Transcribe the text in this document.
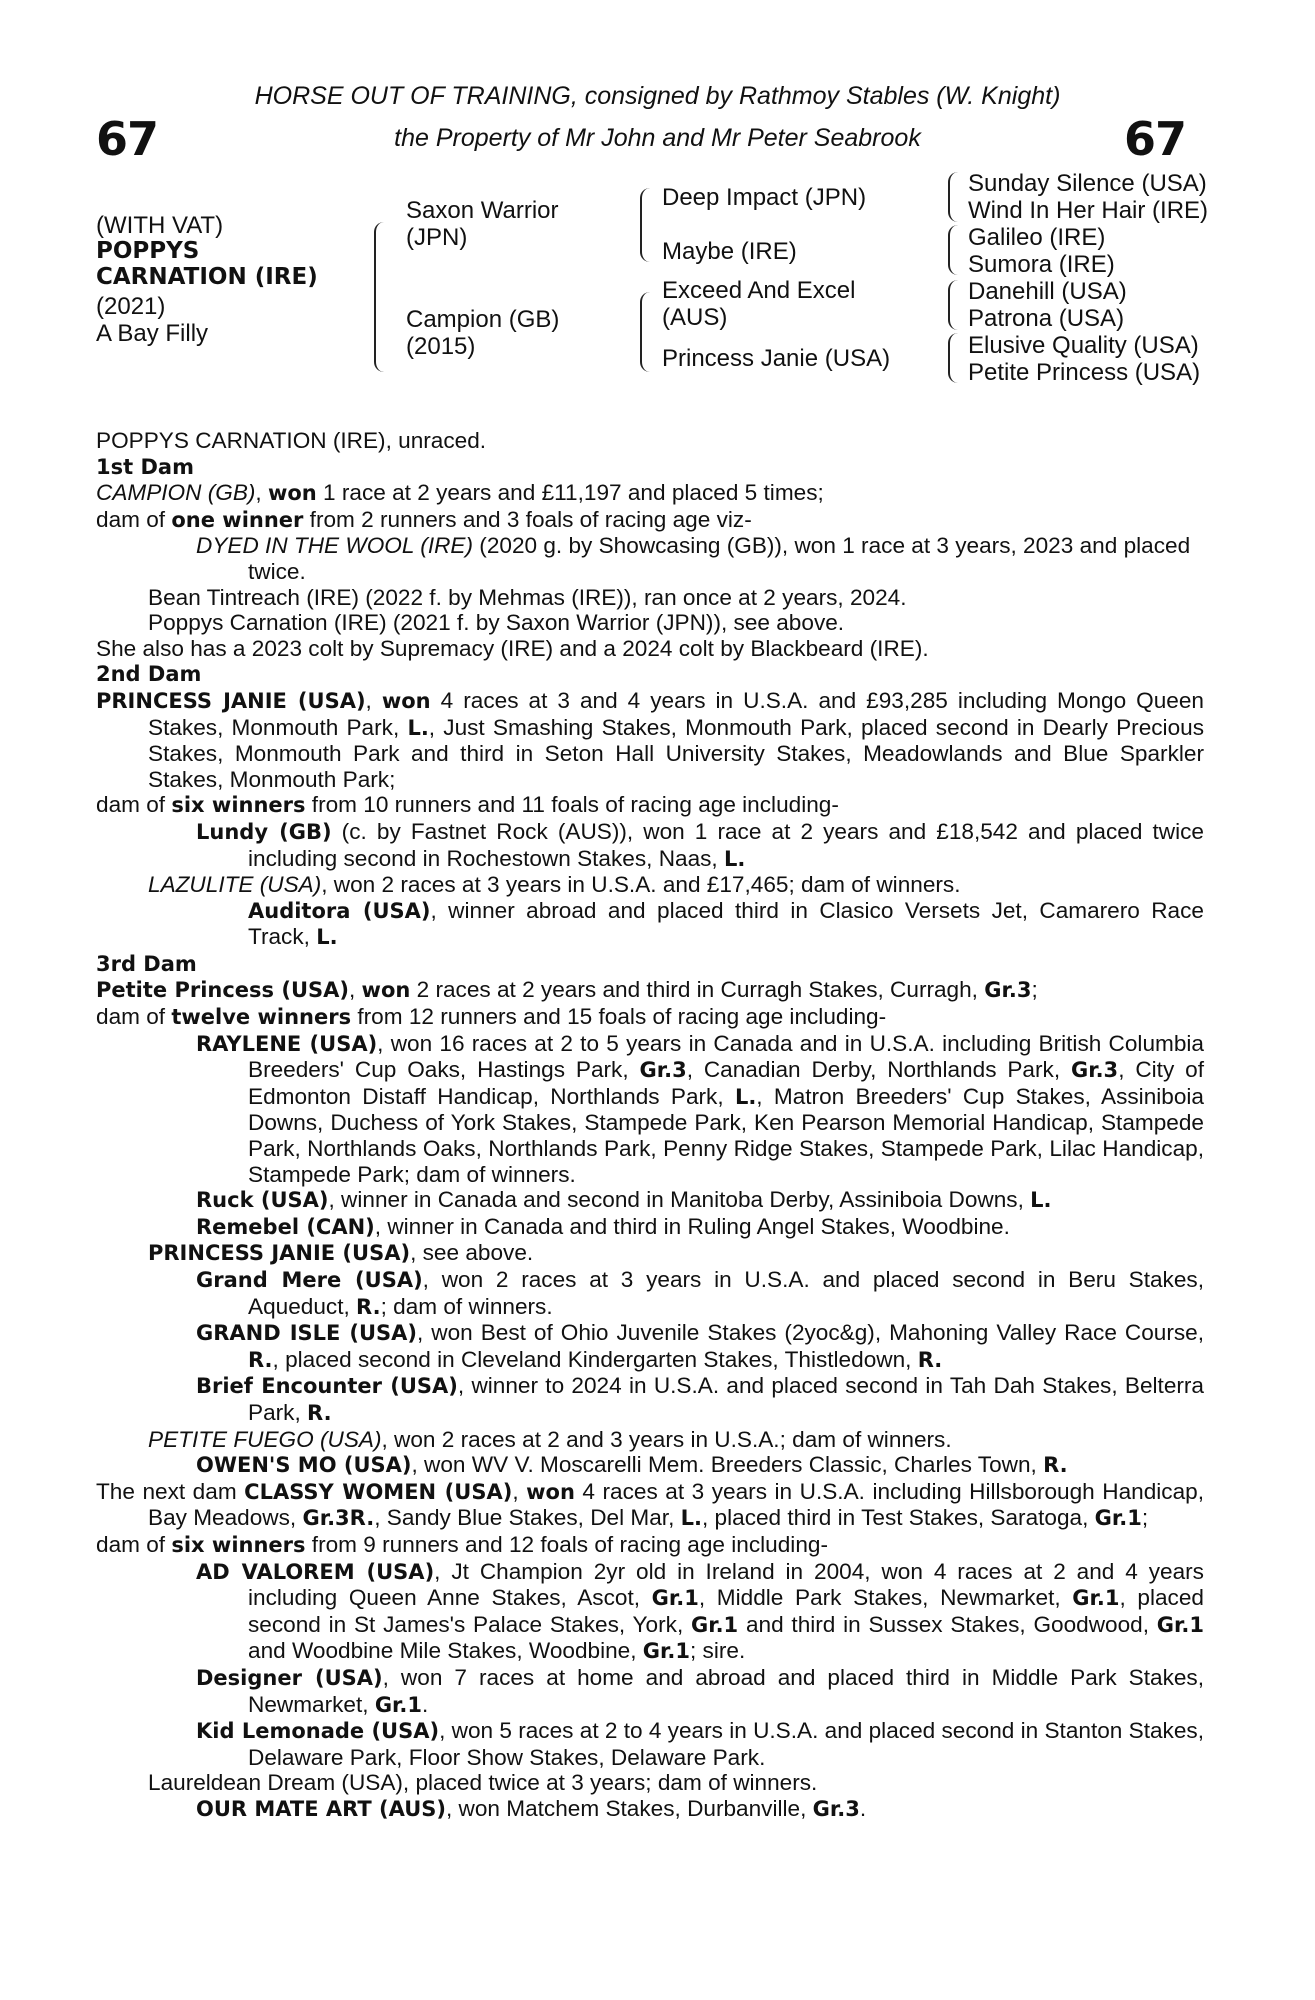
HORSE OUT OF TRAINING, consigned by Rathmoy Stables (W. Knight)
the Property of Mr John and Mr Peter Seabrook
67	67
(WITH VAT)
POPPYS
CARNATION (IRE)
(2021)
A Bay Filly
Saxon Warrior
(JPN)
Campion (GB)
(2015)
Deep Impact (JPN)
Maybe (IRE)
Exceed And Excel
(AUS)
Princess Janie (USA)
Sunday Silence (USA)
Wind In Her Hair (IRE)
Galileo (IRE)
Sumora (IRE)
Danehill (USA)
Patrona (USA)
Elusive Quality (USA)
Petite Princess (USA)

POPPYS CARNATION (IRE), unraced.

1st Dam

CAMPION (GB), won 1 race at 2 years and £11,197 and placed 5 times;

dam of one winner from 2 runners and 3 foals of racing age viz-

DYED IN THE WOOL (IRE) (2020 g. by Showcasing (GB)), won 1 race at 3 years, 2023 and placed twice.

Bean Tintreach (IRE) (2022 f. by Mehmas (IRE)), ran once at 2 years, 2024.

Poppys Carnation (IRE) (2021 f. by Saxon Warrior (JPN)), see above.

She also has a 2023 colt by Supremacy (IRE) and a 2024 colt by Blackbeard (IRE).

2nd Dam

PRINCESS JANIE (USA), won 4 races at 3 and 4 years in U.S.A. and £93,285 including Mongo Queen Stakes, Monmouth Park, L., Just Smashing Stakes, Monmouth Park, placed second in Dearly Precious Stakes, Monmouth Park and third in Seton Hall University Stakes, Meadowlands and Blue Sparkler Stakes, Monmouth Park;

dam of six winners from 10 runners and 11 foals of racing age including-

Lundy (GB) (c. by Fastnet Rock (AUS)), won 1 race at 2 years and £18,542 and placed twice including second in Rochestown Stakes, Naas, L.

LAZULITE (USA), won 2 races at 3 years in U.S.A. and £17,465; dam of winners.

Auditora (USA), winner abroad and placed third in Clasico Versets Jet, Camarero Race Track, L.

3rd Dam

Petite Princess (USA), won 2 races at 2 years and third in Curragh Stakes, Curragh, Gr.3;

dam of twelve winners from 12 runners and 15 foals of racing age including-

RAYLENE (USA), won 16 races at 2 to 5 years in Canada and in U.S.A. including British Columbia Breeders' Cup Oaks, Hastings Park, Gr.3, Canadian Derby, Northlands Park, Gr.3, City of Edmonton Distaff Handicap, Northlands Park, L., Matron Breeders' Cup Stakes, Assiniboia Downs, Duchess of York Stakes, Stampede Park, Ken Pearson Memorial Handicap, Stampede Park, Northlands Oaks, Northlands Park, Penny Ridge Stakes, Stampede Park, Lilac Handicap, Stampede Park; dam of winners.

Ruck (USA), winner in Canada and second in Manitoba Derby, Assiniboia Downs, L.

Remebel (CAN), winner in Canada and third in Ruling Angel Stakes, Woodbine.

PRINCESS JANIE (USA), see above.

Grand Mere (USA), won 2 races at 3 years in U.S.A. and placed second in Beru Stakes, Aqueduct, R.; dam of winners.

GRAND ISLE (USA), won Best of Ohio Juvenile Stakes (2yoc&g), Mahoning Valley Race Course, R., placed second in Cleveland Kindergarten Stakes, Thistledown, R.

Brief Encounter (USA), winner to 2024 in U.S.A. and placed second in Tah Dah Stakes, Belterra Park, R.

PETITE FUEGO (USA), won 2 races at 2 and 3 years in U.S.A.; dam of winners.

OWEN'S MO (USA), won WV V. Moscarelli Mem. Breeders Classic, Charles Town, R.

The next dam CLASSY WOMEN (USA), won 4 races at 3 years in U.S.A. including Hillsborough Handicap, Bay Meadows, Gr.3R., Sandy Blue Stakes, Del Mar, L., placed third in Test Stakes, Saratoga, Gr.1;

dam of six winners from 9 runners and 12 foals of racing age including-

AD VALOREM (USA), Jt Champion 2yr old in Ireland in 2004, won 4 races at 2 and 4 years including Queen Anne Stakes, Ascot, Gr.1, Middle Park Stakes, Newmarket, Gr.1, placed second in St James's Palace Stakes, York, Gr.1 and third in Sussex Stakes, Goodwood, Gr.1 and Woodbine Mile Stakes, Woodbine, Gr.1; sire.

Designer (USA), won 7 races at home and abroad and placed third in Middle Park Stakes, Newmarket, Gr.1.

Kid Lemonade (USA), won 5 races at 2 to 4 years in U.S.A. and placed second in Stanton Stakes, Delaware Park, Floor Show Stakes, Delaware Park.

Laureldean Dream (USA), placed twice at 3 years; dam of winners.

OUR MATE ART (AUS), won Matchem Stakes, Durbanville, Gr.3.
